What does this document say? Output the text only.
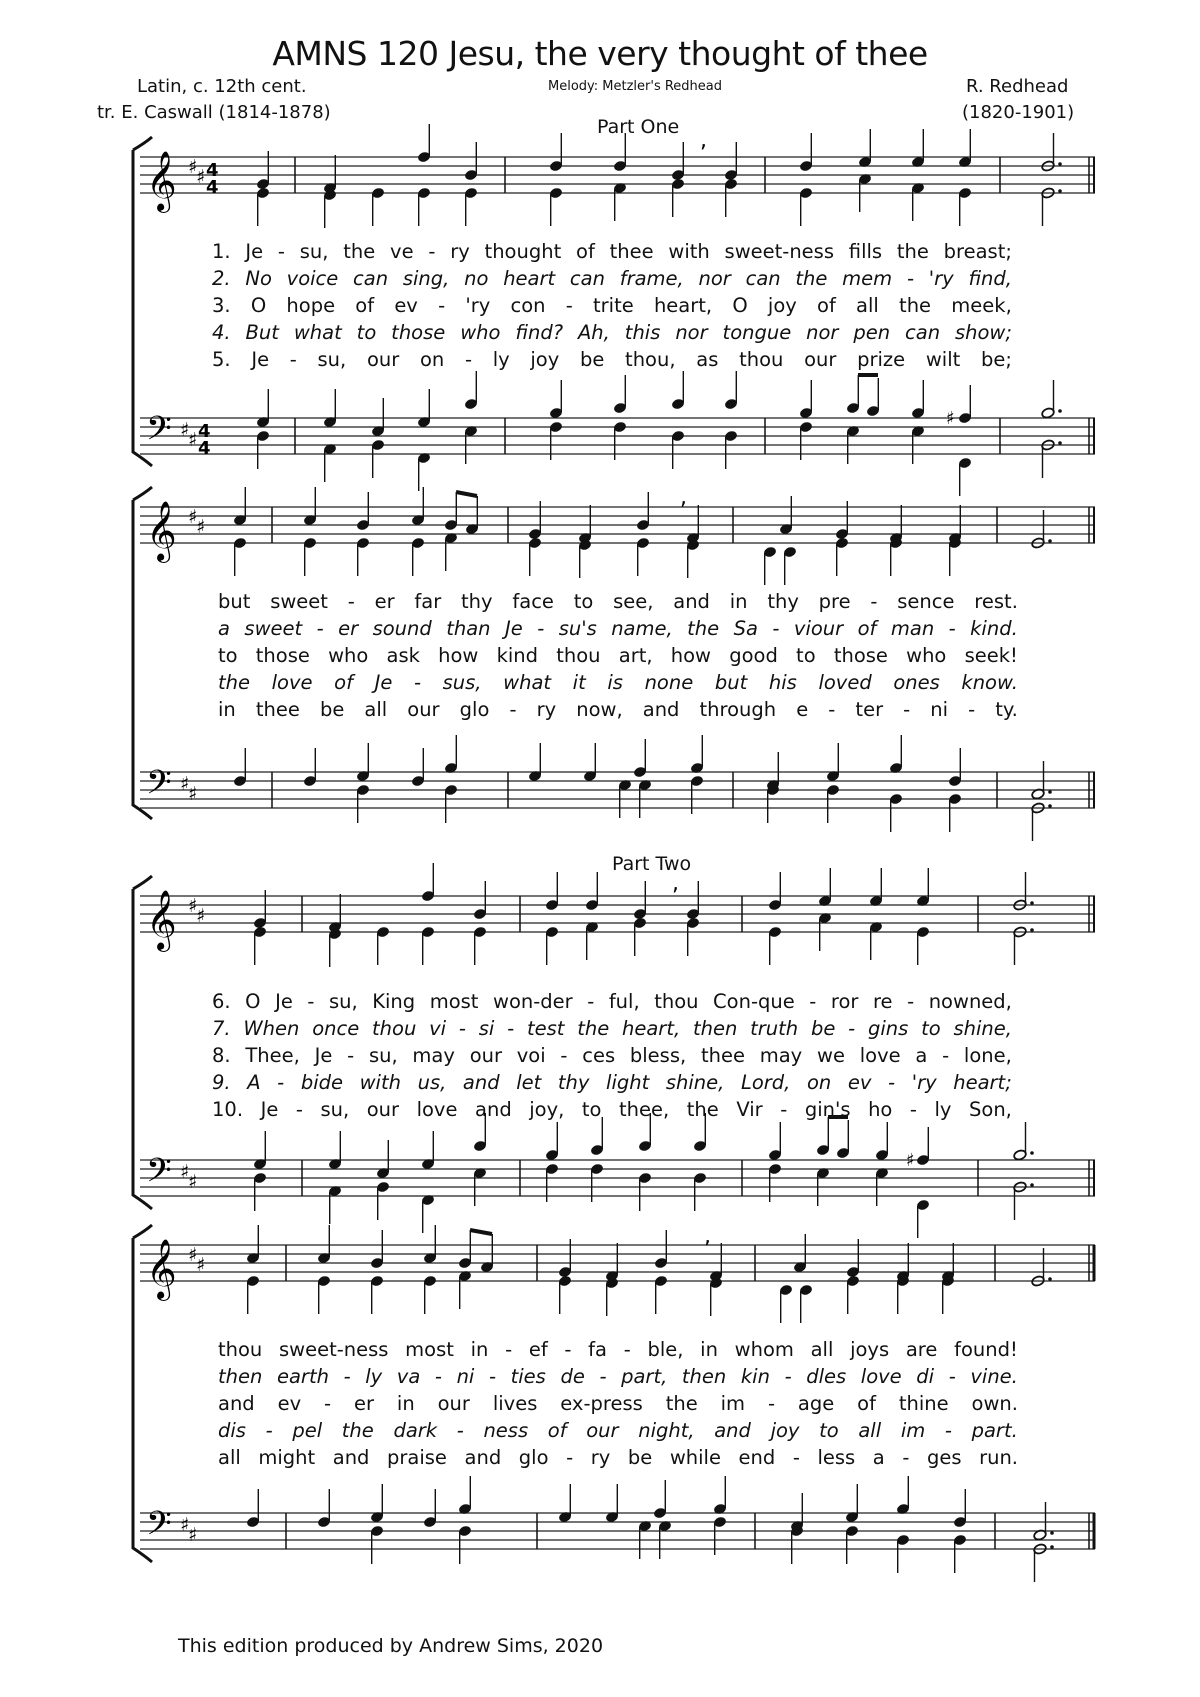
AMNS 120 Jesu, the very thought of thee
Latin, c. 12th cent.
tr. E. Caswall (1814-1878)
Melody: Metzler's Redhead	R. Redhead
(1820-1901)
Part One
Part Two
𝄞
𝄢
♯
♯ 4
4
♯
♯ 4
4
,
♯
𝄞
𝄢
♯
♯
♯
♯
,
𝄞
𝄢
♯
♯
♯
♯
,
♯
𝄞
𝄢
♯
♯
♯
♯
,
1. Je - su, the ve - ry thought of thee with sweet-ness fills the breast;
2. No voice can sing, no heart can frame, nor can the mem - 'ry find,
3. O hope of ev - 'ry con - trite heart, O joy of all the meek,
4. But what to those who find? Ah, this nor tongue nor pen can show;
5. Je - su, our on - ly joy be thou, as thou our prize wilt be;
but sweet - er far thy face to see, and in thy pre - sence rest.
a sweet - er sound than Je - su's name, the Sa - viour of man - kind.
to those who ask how kind thou art, how good to those who seek!
the love of Je - sus, what it is none but his loved ones know.
in thee be all our glo - ry now, and through e - ter - ni - ty.
6. O Je - su, King most won-der - ful, thou Con-que - ror re - nowned,
7. When once thou vi - si - test the heart, then truth be - gins to shine,
8. Thee, Je - su, may our voi - ces bless, thee may we love a - lone,
9. A - bide with us, and let thy light shine, Lord, on ev - 'ry heart;
10. Je - su, our love and joy, to thee, the Vir - gin's ho - ly Son,
thou sweet-ness most in - ef - fa - ble, in whom all joys are found!
then earth - ly va - ni - ties de - part, then kin - dles love di - vine.
and ev - er in our lives ex-press the im - age of thine own.
dis - pel the dark - ness of our night, and joy to all im - part.
all might and praise and glo - ry be while end - less a - ges run.
This edition produced by Andrew Sims, 2020
